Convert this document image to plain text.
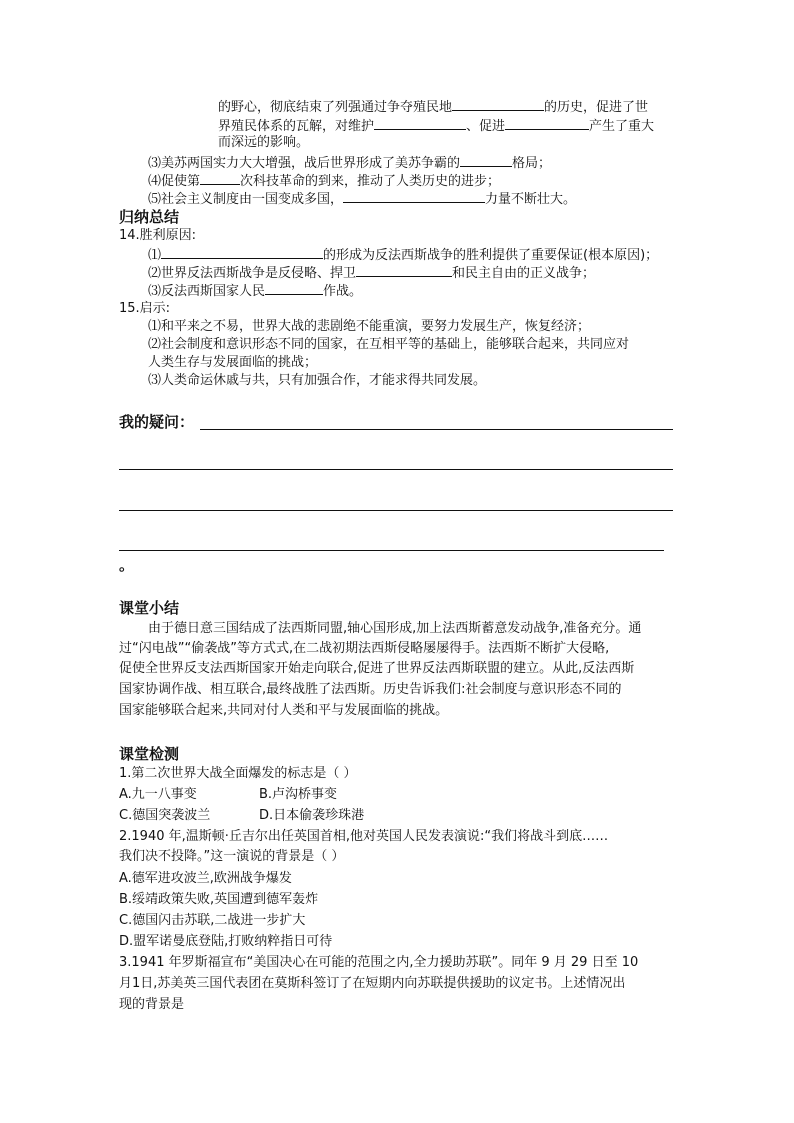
的野心，彻底结束了列强通过争夺殖民地	的历史，促进了世
界殖民体系的瓦解，对维护	、促进	产生了重大
而深远的影响。
⑶美苏两国实力大大增强，战后世界形成了美苏争霸的	格局；
⑷促使第	次科技革命的到来，推动了人类历史的进步；
⑸社会主义制度由一国变成多国，	力量不断壮大。
归纳总结
14.胜利原因:
⑴	的形成为反法西斯战争的胜利提供了重要保证(根本原因)；
⑵世界反法西斯战争是反侵略、捍卫	和民主自由的正义战争；
⑶反法西斯国家人民	作战。
15.启示:
⑴和平来之不易，世界大战的悲剧绝不能重演，要努力发展生产，恢复经济；
⑵社会制度和意识形态不同的国家，在互相平等的基础上，能够联合起来，共同应对
人类生存与发展面临的挑战；
⑶人类命运休戚与共，只有加强合作，才能求得共同发展。
我的疑问：
。
课堂小结
由于德日意三国结成了法西斯同盟,轴心国形成,加上法西斯蓄意发动战争,准备充分。通
过“闪电战”“偷袭战”等方式式,在二战初期法西斯侵略屡屡得手。法西斯不断扩大侵略,
促使全世界反支法西斯国家开始走向联合,促进了世界反法西斯联盟的建立。从此,反法西斯
国家协调作战、相互联合,最终战胜了法西斯。历史告诉我们:社会制度与意识形态不同的
国家能够联合起来,共同对付人类和平与发展面临的挑战。
课堂检测
1.第二次世界大战全面爆发的标志是（ ）
A.九一八事变	B.卢沟桥事变
C.德国突袭波兰	D.日本偷袭珍珠港
2.1940 年,温斯顿·丘吉尔出任英国首相,他对英国人民发表演说:“我们将战斗到底……
我们决不投降。”这一演说的背景是（ ）
A.德军进攻波兰,欧洲战争爆发
B.绥靖政策失败,英国遭到德军轰炸
C.德国闪击苏联,二战进一步扩大
D.盟军诺曼底登陆,打败纳粹指日可待
3.1941 年罗斯福宣布“美国决心在可能的范围之内,全力援助苏联”。同年 9 月 29 日至 10
月1日,苏美英三国代表团在莫斯科签订了在短期内向苏联提供援助的议定书。上述情况出
现的背景是
